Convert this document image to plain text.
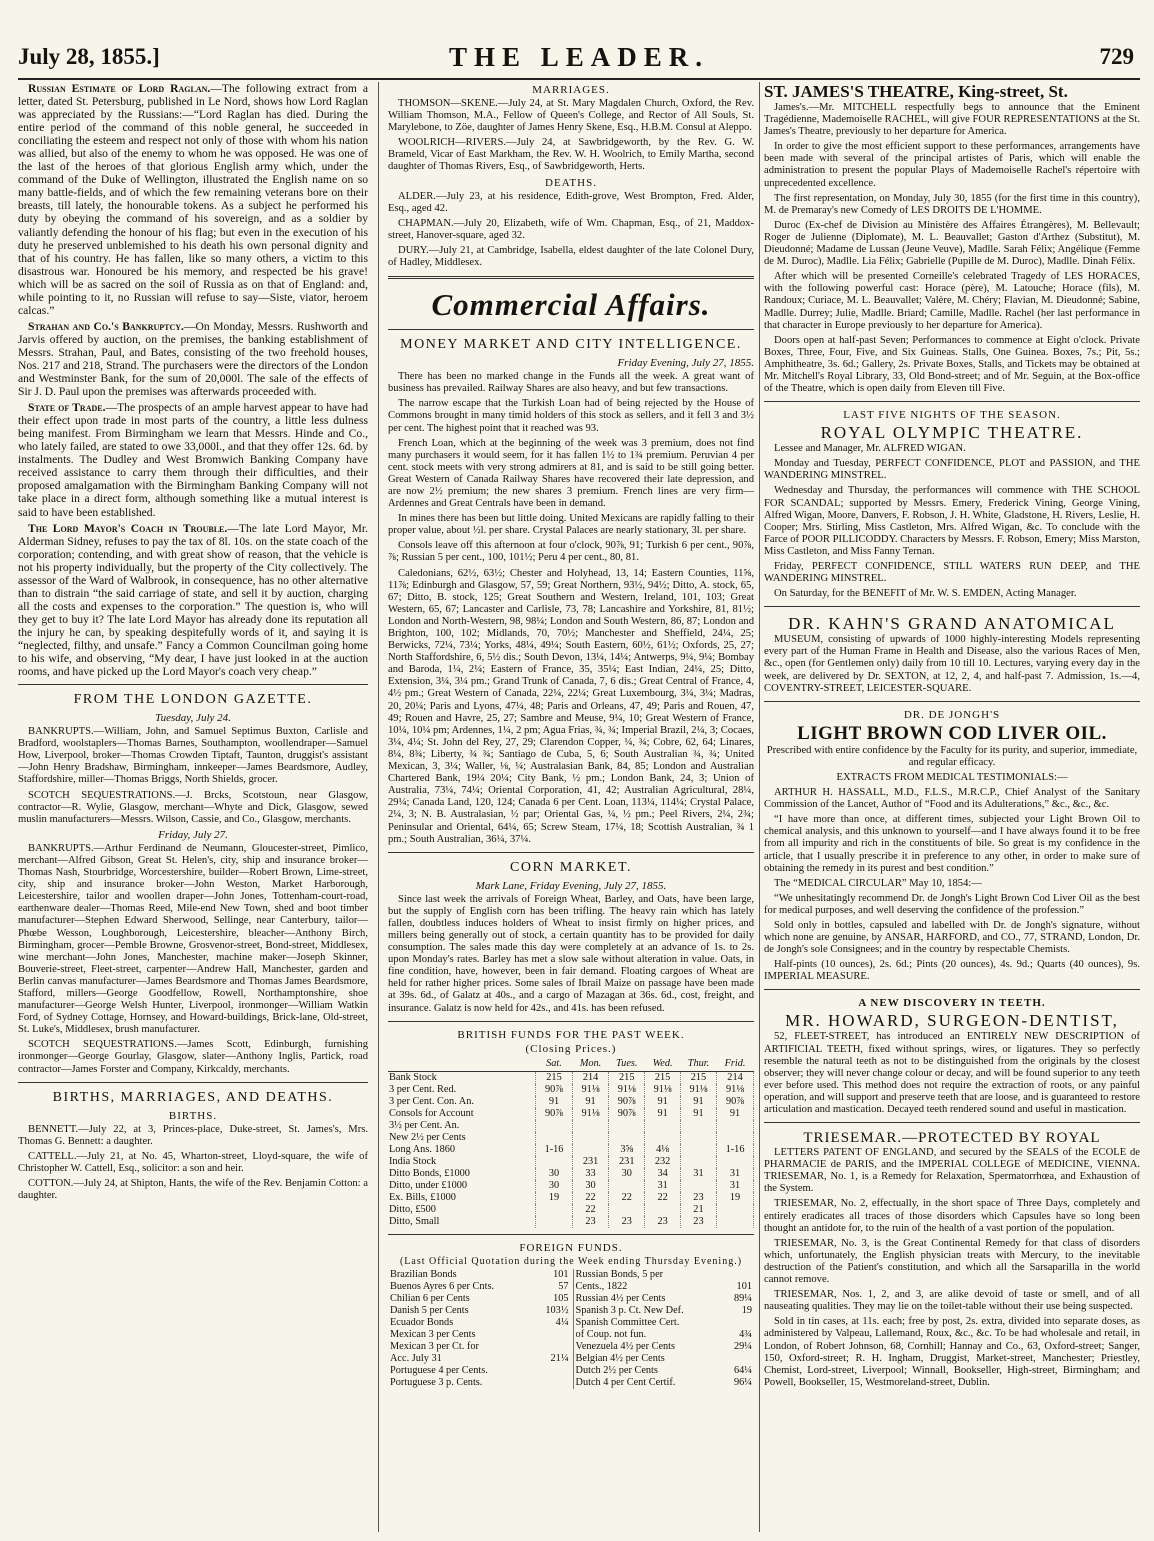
July 28, 1855.]	THE LEADER.	729

Russian Estimate of Lord Raglan.—The following extract from a letter, dated St. Petersburg, published in Le Nord, shows how Lord Raglan was appreciated by the Russians:—“Lord Raglan has died. During the entire period of the command of this noble general, he succeeded in conciliating the esteem and respect not only of those with whom his nation was allied, but also of the enemy to whom he was opposed. He was one of the last of the heroes of that glorious English army which, under the command of the Duke of Wellington, illustrated the English name on so many battle-fields, and of which the few remaining veterans bore on their breasts, till lately, the honourable tokens. As a subject he performed his duty by obeying the command of his sovereign, and as a soldier by valiantly defending the honour of his flag; but even in the execution of his duty he preserved unblemished to his death his own personal dignity and that of his country. He has fallen, like so many others, a victim to this disastrous war. Honoured be his memory, and respected be his grave! which will be as sacred on the soil of Russia as on that of England: and, while pointing to it, no Russian will refuse to say—Siste, viator, heroem calcas.”

Strahan and Co.'s Bankruptcy.—On Monday, Messrs. Rushworth and Jarvis offered by auction, on the premises, the banking establishment of Messrs. Strahan, Paul, and Bates, consisting of the two freehold houses, Nos. 217 and 218, Strand. The purchasers were the directors of the London and Westminster Bank, for the sum of 20,000l. The sale of the effects of Sir J. D. Paul upon the premises was afterwards proceeded with.

State of Trade.—The prospects of an ample harvest appear to have had their effect upon trade in most parts of the country, a little less dulness being manifest. From Birmingham we learn that Messrs. Hinde and Co., who lately failed, are stated to owe 33,000l., and that they offer 12s. 6d. by instalments. The Dudley and West Bromwich Banking Company have received assistance to carry them through their difficulties, and their proposed amalgamation with the Birmingham Banking Company will not take place in a direct form, although something like a mutual interest is said to have been established.

The Lord Mayor's Coach in Trouble.—The late Lord Mayor, Mr. Alderman Sidney, refuses to pay the tax of 8l. 10s. on the state coach of the corporation; contending, and with great show of reason, that the vehicle is not his property individually, but the property of the City collectively. The assessor of the Ward of Walbrook, in consequence, has no other alternative than to distrain “the said carriage of state, and sell it by auction, charging all the costs and expenses to the corporation.” The question is, who will they get to buy it? The late Lord Mayor has already done its reputation all the injury he can, by speaking despitefully words of it, and saying it is “neglected, filthy, and unsafe.” Fancy a Common Councilman going home to his wife, and observing, “My dear, I have just looked in at the auction rooms, and have picked up the Lord Mayor's coach very cheap.”

FROM THE LONDON GAZETTE.
Tuesday, July 24.

BANKRUPTS.—William, John, and Samuel Septimus Buxton, Carlisle and Bradford, woolstaplers—Thomas Barnes, Southampton, woollendraper—Samuel How, Liverpool, broker—Thomas Crowden Tiptaft, Taunton, druggist's assistant—John Henry Bradshaw, Birmingham, innkeeper—James Beardsmore, Audley, Staffordshire, miller—Thomas Briggs, North Shields, grocer.

SCOTCH SEQUESTRATIONS.—J. Brcks, Scotstoun, near Glasgow, contractor—R. Wylie, Glasgow, merchant—Whyte and Dick, Glasgow, sewed muslin manufacturers—Messrs. Wilson, Cassie, and Co., Glasgow, merchants.

Friday, July 27.

BANKRUPTS.—Arthur Ferdinand de Neumann, Gloucester-street, Pimlico, merchant—Alfred Gibson, Great St. Helen's, city, ship and insurance broker—Thomas Nash, Stourbridge, Worcestershire, builder—Robert Brown, Lime-street, city, ship and insurance broker—John Weston, Market Harborough, Leicestershire, tailor and woollen draper—John Jones, Tottenham-court-road, earthenware dealer—Thomas Reed, Mile-end New Town, shed and boot timber manufacturer—Stephen Edward Sherwood, Sellinge, near Canterbury, tailor—Phœbe Wesson, Loughborough, Leicestershire, bleacher—Anthony Birch, Birmingham, grocer—Pemble Browne, Grosvenor-street, Bond-street, Middlesex, wine merchant—John Jones, Manchester, machine maker—Joseph Skinner, Bouverie-street, Fleet-street, carpenter—Andrew Hall, Manchester, garden and Berlin canvas manufacturer—James Beardsmore and Thomas James Beardsmore, Stafford, millers—George Goodfellow, Rowell, Northamptonshire, shoe manufacturer—George Welsh Hunter, Liverpool, ironmonger—William Watkin Ford, of Sydney Cottage, Hornsey, and Howard-buildings, Brick-lane, Old-street, St. Luke's, Middlesex, brush manufacturer.

SCOTCH SEQUESTRATIONS.—James Scott, Edinburgh, furnishing ironmonger—George Gourlay, Glasgow, slater—Anthony Inglis, Partick, road contractor—James Forster and Company, Kirkcaldy, merchants.

BIRTHS, MARRIAGES, AND DEATHS.
BIRTHS.

BENNETT.—July 22, at 3, Princes-place, Duke-street, St. James's, Mrs. Thomas G. Bennett: a daughter.

CATTELL.—July 21, at No. 45, Wharton-street, Lloyd-square, the wife of Christopher W. Cattell, Esq., solicitor: a son and heir.

COTTON.—July 24, at Shipton, Hants, the wife of the Rev. Benjamin Cotton: a daughter.

MARRIAGES.

THOMSON—SKENE.—July 24, at St. Mary Magdalen Church, Oxford, the Rev. William Thomson, M.A., Fellow of Queen's College, and Rector of All Souls, St. Marylebone, to Zöe, daughter of James Henry Skene, Esq., H.B.M. Consul at Aleppo.

WOOLRICH—RIVERS.—July 24, at Sawbridgeworth, by the Rev. G. W. Brameld, Vicar of East Markham, the Rev. W. H. Woolrich, to Emily Martha, second daughter of Thomas Rivers, Esq., of Sawbridgeworth, Herts.

DEATHS.

ALDER.—July 23, at his residence, Edith-grove, West Brompton, Fred. Alder, Esq., aged 42.

CHAPMAN.—July 20, Elizabeth, wife of Wm. Chapman, Esq., of 21, Maddox-street, Hanover-square, aged 32.

DURY.—July 21, at Cambridge, Isabella, eldest daughter of the late Colonel Dury, of Hadley, Middlesex.

Commercial Affairs.
MONEY MARKET AND CITY INTELLIGENCE.
Friday Evening, July 27, 1855.

There has been no marked change in the Funds all the week. A great want of business has prevailed. Railway Shares are also heavy, and but few transactions.

The narrow escape that the Turkish Loan had of being rejected by the House of Commons brought in many timid holders of this stock as sellers, and it fell 3 and 3½ per cent. The highest point that it reached was 93.

French Loan, which at the beginning of the week was 3 premium, does not find many purchasers it would seem, for it has fallen 1½ to 1¾ premium. Peruvian 4 per cent. stock meets with very strong admirers at 81, and is said to be still going better. Great Western of Canada Railway Shares have recovered their late depression, and are now 2½ premium; the new shares 3 premium. French lines are very firm—Ardennes and Great Centrals have been in demand.

In mines there has been but little doing. United Mexicans are rapidly falling to their proper value, about ½l. per share. Crystal Palaces are nearly stationary, 3l. per share.

Consols leave off this afternoon at four o'clock, 90⅞, 91; Turkish 6 per cent., 90⅞, ⅞; Russian 5 per cent., 100, 101½; Peru 4 per cent., 80, 81.

Caledonians, 62½, 63½; Chester and Holyhead, 13, 14; Eastern Counties, 11⅝, 11⅞; Edinburgh and Glasgow, 57, 59; Great Northern, 93½, 94½; Ditto, A. stock, 65, 67; Ditto, B. stock, 125; Great Southern and Western, Ireland, 101, 103; Great Western, 65, 67; Lancaster and Carlisle, 73, 78; Lancashire and Yorkshire, 81, 81½; London and North-Western, 98, 98¼; London and South Western, 86, 87; London and Brighton, 100, 102; Midlands, 70, 70½; Manchester and Sheffield, 24¼, 25; Berwicks, 72¼, 73¼; Yorks, 48¼, 49¼; South Eastern, 60½, 61½; Oxfords, 25, 27; North Staffordshire, 6, 5½ dis.; South Devon, 13¼, 14¼; Antwerps, 9¼, 9¼; Bombay and Baroda, 1¼, 2¼; Eastern of France, 35, 35¼; East Indian, 24¼, 25; Ditto, Extension, 3¼, 3¼ pm.; Grand Trunk of Canada, 7, 6 dis.; Great Central of France, 4, 4½ pm.; Great Western of Canada, 22¼, 22¼; Great Luxembourg, 3¼, 3¼; Madras, 20, 20¼; Paris and Lyons, 47¼, 48; Paris and Orleans, 47, 49; Paris and Rouen, 47, 49; Rouen and Havre, 25, 27; Sambre and Meuse, 9¼, 10; Great Western of France, 10¼, 10¼ pm; Ardennes, 1¼, 2 pm; Agua Frias, ¾, ¾; Imperial Brazil, 2¼, 3; Cocaes, 3¼, 4¼; St. John del Rey, 27, 29; Clarendon Copper, ¼, ¾; Cobre, 62, 64; Linares, 8¼, 8¾; Liberty, ¾ ¾; Santiago de Cuba, 5, 6; South Australian ¾, ¾; United Mexican, 3, 3¼; Waller, ⅛, ¼; Australasian Bank, 84, 85; London and Australian Chartered Bank, 19¼ 20¼; City Bank, ½ pm.; London Bank, 24, 3; Union of Australia, 73¼, 74¼; Oriental Corporation, 41, 42; Australian Agricultural, 28¼, 29¼; Canada Land, 120, 124; Canada 6 per Cent. Loan, 113¼, 114¼; Crystal Palace, 2¼, 3; N. B. Australasian, ½ par; Oriental Gas, ¼, ½ pm.; Peel Rivers, 2¼, 2¾; Peninsular and Oriental, 64¼, 65; Screw Steam, 17¼, 18; Scottish Australian, ¾ 1 pm.; South Australian, 36¼, 37¼.

CORN MARKET.
Mark Lane, Friday Evening, July 27, 1855.

Since last week the arrivals of Foreign Wheat, Barley, and Oats, have been large, but the supply of English corn has been trifling. The heavy rain which has lately fallen, doubtless induces holders of Wheat to insist firmly on higher prices, and millers being generally out of stock, a certain quantity has to be provided for daily consumption. The sales made this day were completely at an advance of 1s. to 2s. upon Monday's rates. Barley has met a slow sale without alteration in value. Oats, in fine condition, have, however, been in fair demand. Floating cargoes of Wheat are held for rather higher prices. Some sales of Ibrail Maize on passage have been made at 39s. 6d., of Galatz at 40s., and a cargo of Mazagan at 36s. 6d., cost, freight, and insurance. Galatz is now held for 42s., and 41s. has been refused.

BRITISH FUNDS FOR THE PAST WEEK.
(Closing Prices.)
	Sat.	Mon.	Tues.	Wed.	Thur.	Frid.
Bank Stock	215	214	215	215	215	214
3 per Cent. Red.	90⅞	91⅛	91⅛	91⅛	91⅛	91⅛
3 per Cent. Con. An.	91	91	90⅞	91	91	90⅞
Consols for Account	90⅞	91⅛	90⅞	91	91	91
3½ per Cent. An.						
New 2½ per Cents						
Long Ans. 1860	1-16		3⅝	4⅛		1-16
India Stock		231	231	232		
Ditto Bonds, £1000	30	33	30	34	31	31
Ditto, under £1000	30	30		31		31
Ex. Bills, £1000	19	22	22	22	23	19
Ditto, £500		22			21	
Ditto, Small		23	23	23	23	
FOREIGN FUNDS.
(Last Official Quotation during the Week ending Thursday Evening.)
Brazilian Bonds	101	Russian Bonds, 5 per	
Buenos Ayres 6 per Cnts.	57	Cents., 1822	101
Chilian 6 per Cents	105	Russian 4½ per Cents	89¼
Danish 5 per Cents	103½	Spanish 3 p. Ct. New Def.	19
Ecuador Bonds	4¼	Spanish Committee Cert.	
Mexican 3 per Cents		of Coup. not fun.	4¾
Mexican 3 per Ct. for		Venezuela 4½ per Cents	29¼
Acc. July 31	21¼	Belgian 4½ per Cents	
Portuguese 4 per Cents.		Dutch 2½ per Cents	64¼
Portuguese 3 p. Cents.		Dutch 4 per Cent Certif.	96¼

ST. JAMES'S THEATRE, King-street, St.

James's.—Mr. MITCHELL respectfully begs to announce that the Eminent Tragédienne, Mademoiselle RACHEL, will give FOUR REPRESENTATIONS at the St. James's Theatre, previously to her departure for America.

In order to give the most efficient support to these performances, arrangements have been made with several of the principal artistes of Paris, which will enable the administration to present the popular Plays of Mademoiselle Rachel's répertoire with unprecedented excellence.

The first representation, on Monday, July 30, 1855 (for the first time in this country), M. de Premaray's new Comedy of LES DROITS DE L'HOMME.

Duroc (Ex-chef de Division au Ministère des Affaires Étrangères), M. Bellevault; Roger de Julienne (Diplomate), M. L. Beauvallet; Gaston d'Arthez (Substitut), M. Dieudonné; Madame de Lussan (Jeune Veuve), Madlle. Sarah Félix; Angélique (Femme de M. Duroc), Madlle. Lia Félix; Gabrielle (Pupille de M. Duroc), Madlle. Dinah Félix.

After which will be presented Corneille's celebrated Tragedy of LES HORACES, with the following powerful cast: Horace (père), M. Latouche; Horace (fils), M. Randoux; Curiace, M. L. Beauvallet; Valère, M. Chéry; Flavian, M. Dieudonné; Sabine, Madlle. Durrey; Julie, Madlle. Briard; Camille, Madlle. Rachel (her last performance in that character in Europe previously to her departure for America).

Doors open at half-past Seven; Performances to commence at Eight o'clock. Private Boxes, Three, Four, Five, and Six Guineas. Stalls, One Guinea. Boxes, 7s.; Pit, 5s.; Amphitheatre, 3s. 6d.; Gallery, 2s. Private Boxes, Stalls, and Tickets may be obtained at Mr. Mitchell's Royal Library, 33, Old Bond-street; and of Mr. Seguin, at the Box-office of the Theatre, which is open daily from Eleven till Five.

LAST FIVE NIGHTS OF THE SEASON.
ROYAL OLYMPIC THEATRE.

Lessee and Manager, Mr. ALFRED WIGAN.

Monday and Tuesday, PERFECT CONFIDENCE, PLOT and PASSION, and THE WANDERING MINSTREL.

Wednesday and Thursday, the performances will commence with THE SCHOOL FOR SCANDAL; supported by Messrs. Emery, Frederick Vining, George Vining, Alfred Wigan, Moore, Danvers, F. Robson, J. H. White, Gladstone, H. Rivers, Leslie, H. Cooper; Mrs. Stirling, Miss Castleton, Mrs. Alfred Wigan, &c. To conclude with the Farce of POOR PILLICODDY. Characters by Messrs. F. Robson, Emery; Miss Marston, Miss Castleton, and Miss Fanny Ternan.

Friday, PERFECT CONFIDENCE, STILL WATERS RUN DEEP, and THE WANDERING MINSTREL.

On Saturday, for the BENEFIT of Mr. W. S. EMDEN, Acting Manager.

DR. KAHN'S GRAND ANATOMICAL

MUSEUM, consisting of upwards of 1000 highly-interesting Models representing every part of the Human Frame in Health and Disease, also the various Races of Men, &c., open (for Gentlemen only) daily from 10 till 10. Lectures, varying every day in the week, are delivered by Dr. SEXTON, at 12, 2, 4, and half-past 7. Admission, 1s.—4, COVENTRY-STREET, LEICESTER-SQUARE.

DR. DE JONGH'S
LIGHT BROWN COD LIVER OIL.

Prescribed with entire confidence by the Faculty for its purity, and superior, immediate, and regular efficacy.

EXTRACTS FROM MEDICAL TESTIMONIALS:—

ARTHUR H. HASSALL, M.D., F.L.S., M.R.C.P., Chief Analyst of the Sanitary Commission of the Lancet, Author of “Food and its Adulterations,” &c., &c., &c.

“I have more than once, at different times, subjected your Light Brown Oil to chemical analysis, and this unknown to yourself—and I have always found it to be free from all impurity and rich in the constituents of bile. So great is my confidence in the article, that I usually prescribe it in preference to any other, in order to make sure of obtaining the remedy in its purest and best condition.”

The “MEDICAL CIRCULAR” May 10, 1854:—

“We unhesitatingly recommend Dr. de Jongh's Light Brown Cod Liver Oil as the best for medical purposes, and well deserving the confidence of the profession.”

Sold only in bottles, capsuled and labelled with Dr. de Jongh's signature, without which none are genuine, by ANSAR, HARFORD, and CO., 77, STRAND, London, Dr. de Jongh's sole Consignees; and in the country by respectable Chemists.

Half-pints (10 ounces), 2s. 6d.; Pints (20 ounces), 4s. 9d.; Quarts (40 ounces), 9s. IMPERIAL MEASURE.

A NEW DISCOVERY IN TEETH.
MR. HOWARD, SURGEON-DENTIST,

52, FLEET-STREET, has introduced an ENTIRELY NEW DESCRIPTION of ARTIFICIAL TEETH, fixed without springs, wires, or ligatures. They so perfectly resemble the natural teeth as not to be distinguished from the originals by the closest observer; they will never change colour or decay, and will be found superior to any teeth ever before used. This method does not require the extraction of roots, or any painful operation, and will support and preserve teeth that are loose, and is guaranteed to restore articulation and mastication. Decayed teeth rendered sound and useful in mastication.

TRIESEMAR.—PROTECTED BY ROYAL

LETTERS PATENT OF ENGLAND, and secured by the SEALS of the ECOLE de PHARMACIE de PARIS, and the IMPERIAL COLLEGE of MEDICINE, VIENNA. TRIESEMAR, No. 1, is a Remedy for Relaxation, Spermatorrhœa, and Exhaustion of the System.

TRIESEMAR, No. 2, effectually, in the short space of Three Days, completely and entirely eradicates all traces of those disorders which Capsules have so long been thought an antidote for, to the ruin of the health of a vast portion of the population.

TRIESEMAR, No. 3, is the Great Continental Remedy for that class of disorders which, unfortunately, the English physician treats with Mercury, to the inevitable destruction of the Patient's constitution, and which all the Sarsaparilla in the world cannot remove.

TRIESEMAR, Nos. 1, 2, and 3, are alike devoid of taste or smell, and of all nauseating qualities. They may lie on the toilet-table without their use being suspected.

Sold in tin cases, at 11s. each; free by post, 2s. extra, divided into separate doses, as administered by Valpeau, Lallemand, Roux, &c., &c. To be had wholesale and retail, in London, of Robert Johnson, 68, Cornhill; Hannay and Co., 63, Oxford-street; Sanger, 150, Oxford-street; R. H. Ingham, Druggist, Market-street, Manchester; Priestley, Chemist, Lord-street, Liverpool; Winnall, Bookseller, High-street, Birmingham; and Powell, Bookseller, 15, Westmoreland-street, Dublin.
